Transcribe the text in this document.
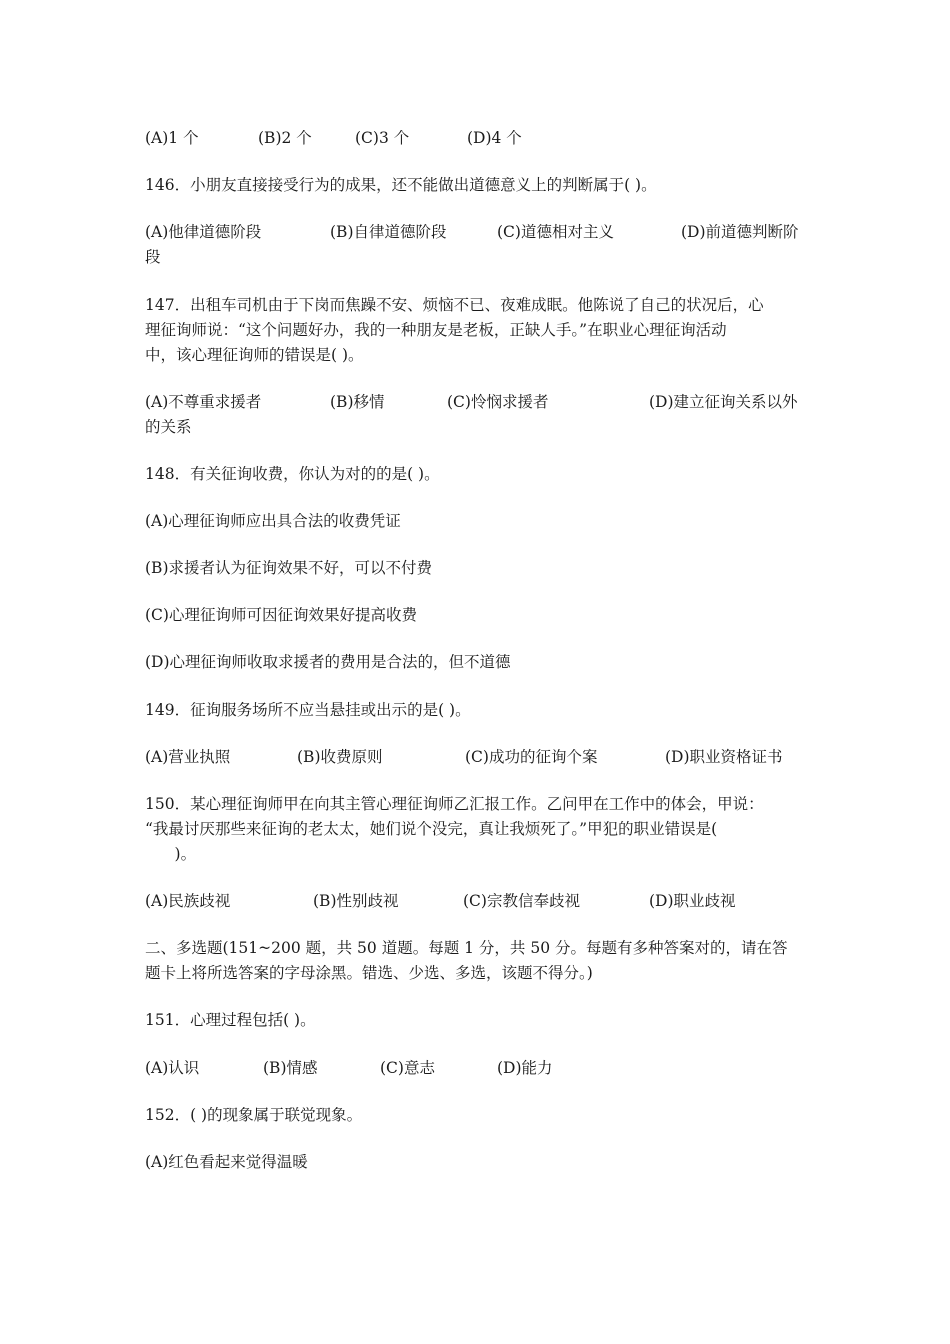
(A)1 个	(B)2 个	(C)3 个	(D)4 个
146．小朋友直接接受行为的成果，还不能做出道德意义上的判断属于( )。
(A)他律道德阶段	(B)自律道德阶段	(C)道德相对主义	(D)前道德判断阶
段
147．出租车司机由于下岗而焦躁不安、烦恼不已、夜难成眠。他陈说了自己的状况后，心
理征询师说：“这个问题好办，我的一种朋友是老板，正缺人手。”在职业心理征询活动
中，该心理征询师的错误是( )。
(A)不尊重求援者	(B)移情	(C)怜悯求援者	(D)建立征询关系以外
的关系
148．有关征询收费，你认为对的的是( )。
(A)心理征询师应出具合法的收费凭证
(B)求援者认为征询效果不好，可以不付费
(C)心理征询师可因征询效果好提高收费
(D)心理征询师收取求援者的费用是合法的，但不道德
149．征询服务场所不应当悬挂或出示的是( )。
(A)营业执照	(B)收费原则	(C)成功的征询个案	(D)职业资格证书
150．某心理征询师甲在向其主管心理征询师乙汇报工作。乙问甲在工作中的体会，甲说：
“我最讨厌那些来征询的老太太，她们说个没完，真让我烦死了。”甲犯的职业错误是(
)。
(A)民族歧视	(B)性别歧视	(C)宗教信奉歧视	(D)职业歧视
二、多选题(151~200 题，共 50 道题。每题 1 分，共 50 分。每题有多种答案对的，请在答
题卡上将所选答案的字母涂黑。错选、少选、多选，该题不得分。)
151．心理过程包括( )。
(A)认识	(B)情感	(C)意志	(D)能力
152．( )的现象属于联觉现象。
(A)红色看起来觉得温暖
